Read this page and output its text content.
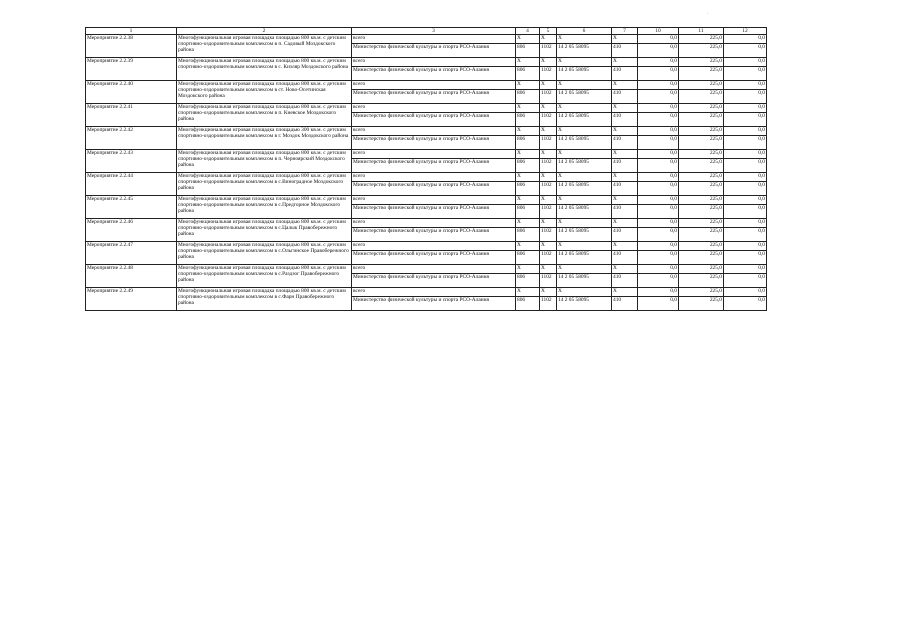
1	2	3	4	5	6	7	10	11	12
Мероприятие 2.2.38	Многофункциональная игровая площадка площадью 800 кв.м. с детским спортивно-оздоровительным комплексом в п. Садовый Моздокского района	всего	Х	Х	Х	Х	0,0	225,0	0,0
		Министерство физической культуры и спорта РСО-Алания	806	1102	14 2 05 58095	410	0,0	225,0	0,0
Мероприятие 2.2.39	Многофункциональная игровая площадка площадью 800 кв.м. с детским спортивно-оздоровительным комплексом в с. Кизляр Моздокского района	всего	Х	Х	Х	Х	0,0	225,0	0,0
		Министерство физической культуры и спорта РСО-Алания	806	1102	14 2 05 58095	410	0,0	225,0	0,0
Мероприятие 2.2.40	Многофункциональная игровая площадка площадью 800 кв.м. с детским спортивно-оздоровительным комплексом в ст. Ново-Осетинская Моздокского района	всего	Х	Х	Х	Х	0,0	225,0	0,0
		Министерство физической культуры и спорта РСО-Алания	806	1102	14 2 05 58095	410	0,0	225,0	0,0
Мероприятие 2.2.41	Многофункциональная игровая площадка площадью 800 кв.м. с детским спортивно-оздоровительным комплексом в п. Киевское Моздокского района	всего	Х	Х	Х	Х	0,0	225,0	0,0
		Министерство физической культуры и спорта РСО-Алания	806	1102	14 2 05 58095	410	0,0	225,0	0,0
Мероприятие 2.2.42	Многофункциональная игровая площадка площадью 300 кв.м. с детским спортивно-оздоровительным комплексом в г. Моздок Моздокского района	всего	Х	Х	Х	Х	0,0	225,0	0,0
		Министерство физической культуры и спорта РСО-Алания	806	1102	14 2 05 58095	410	0,0	225,0	0,0
Мероприятие 2.2.43	Многофункциональная игровая площадка площадью 800 кв.м. с детским спортивно-оздоровительным комплексом в п. Черноярский Моздокского района	всего	Х	Х	Х	Х	0,0	225,0	0,0
		Министерство физической культуры и спорта РСО-Алания	806	1102	14 2 05 58095	410	0,0	225,0	0,0
Мероприятие 2.2.44	Многофункциональная игровая площадка площадью 800 кв.м. с детским спортивно-оздоровительным комплексом в с.Виноградное Моздокского района	всего	Х	Х	Х	Х	0,0	225,0	0,0
		Министерство физической культуры и спорта РСО-Алания	806	1102	14 2 05 58095	410	0,0	225,0	0,0
Мероприятие 2.2.45	Многофункциональная игровая площадка площадью 800 кв.м. с детским спортивно-оздоровительным комплексом в с.Предгорное Моздокского района	всего	Х	Х	Х	Х	0,0	225,0	0,0
		Министерство физической культуры и спорта РСО-Алания	806	1102	14 2 05 58095	410	0,0	225,0	0,0
Мероприятие 2.2.46	Многофункциональная игровая площадка площадью 800 кв.м. с детским спортивно-оздоровительным комплексом в с.Цалык Правобережного района	всего	Х	Х	Х	Х	0,0	225,0	0,0
		Министерство физической культуры и спорта РСО-Алания	806	1102	14 2 05 58095	410	0,0	225,0	0,0
Мероприятие 2.2.47	Многофункциональная игровая площадка площадью 800 кв.м. с детским спортивно-оздоровительным комплексом в с.Ольгинское Правобережного района	всего	Х	Х	Х	Х	0,0	225,0	0,0
		Министерство физической культуры и спорта РСО-Алания	806	1102	14 2 05 58095	410	0,0	225,0	0,0
Мероприятие 2.2.48	Многофункциональная игровая площадка площадью 800 кв.м. с детским спортивно-оздоровительным комплексом в с.Раздзог Правобережного района	всего	Х	Х	Х	Х	0,0	225,0	0,0
		Министерство физической культуры и спорта РСО-Алания	806	1102	14 2 05 58095	410	0,0	225,0	0,0
Мероприятие 2.2.49	Многофункциональная игровая площадка площадью 800 кв.м. с детским спортивно-оздоровительным комплексом в с.Фарн Правобережного района	всего	Х	Х	Х	Х	0,0	225,0	0,0
		Министерство физической культуры и спорта РСО-Алания	806	1102	14 2 05 58095	410	0,0	225,0	0,0
·
